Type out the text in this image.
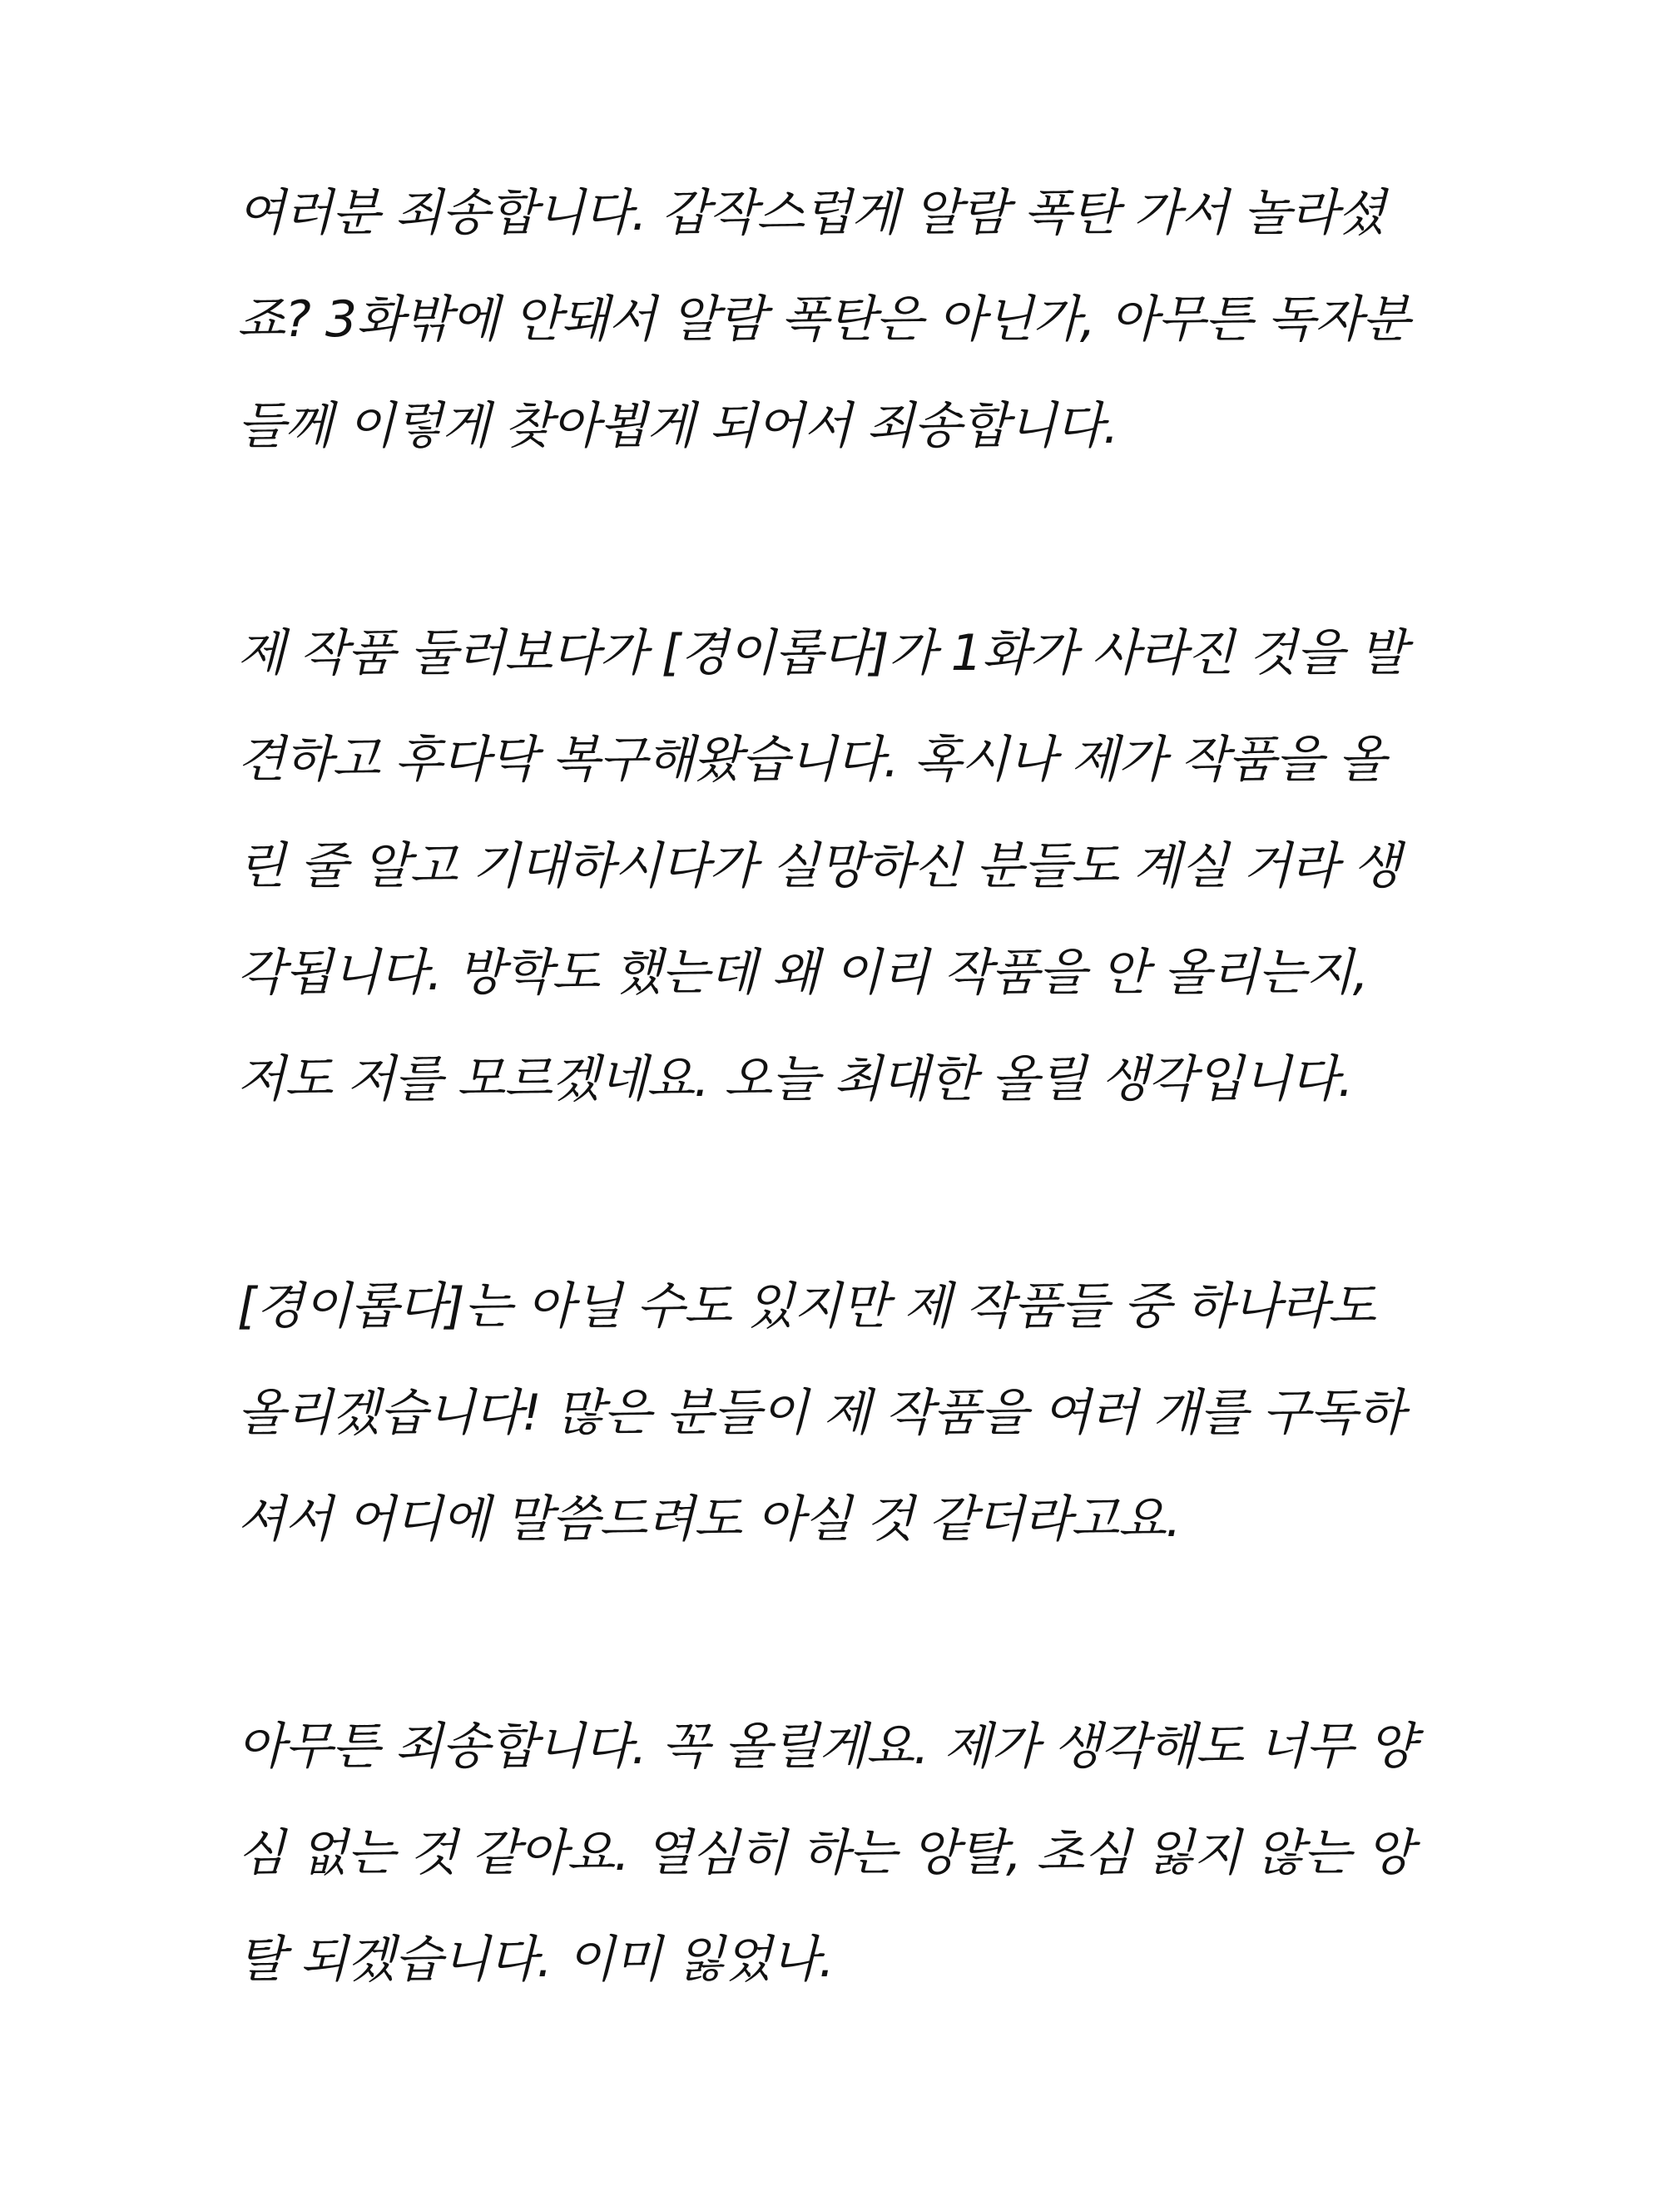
여러분 죄송합니다. 갑작스럽게 알람 폭탄 가서 놀라셨
죠? 3화밖에 안돼서 알람 폭탄은 아닌가, 아무튼 독자분
들께 이렇게 찾아뵙게 되어서 죄송합니다.
제 작품 둘러보다가 [경이롭다]가 1화가 사라진 것을 발
견하고 후다닥 복구해왔습니다. 혹시나 제가 작품을 올
린 줄 알고 기대하시다가 실망하신 분들도 계실 거라 생
각됩니다. 방학도 했는데 왜 이리 작품을 안 올리는지,
저도 저를 모르겠네요. 오늘 최대한 올릴 생각입니다.
[경이롭다]는 아닐 수도 있지만 제 작품들 중 하나라도
올리겠습니다! 많은 분들이 제 작품을 여러 개를 구독하
셔서 어디에 말씀드려도 아실 것 같더라고요.
아무튼 죄송합니다. 꼭 올릴게요. 제가 생각해도 너무 양
심 없는 것 같아요. 열심히 하는 앙탈, 초심 잃지 않는 앙
탈 되겠습니다. 이미 잃었나.
